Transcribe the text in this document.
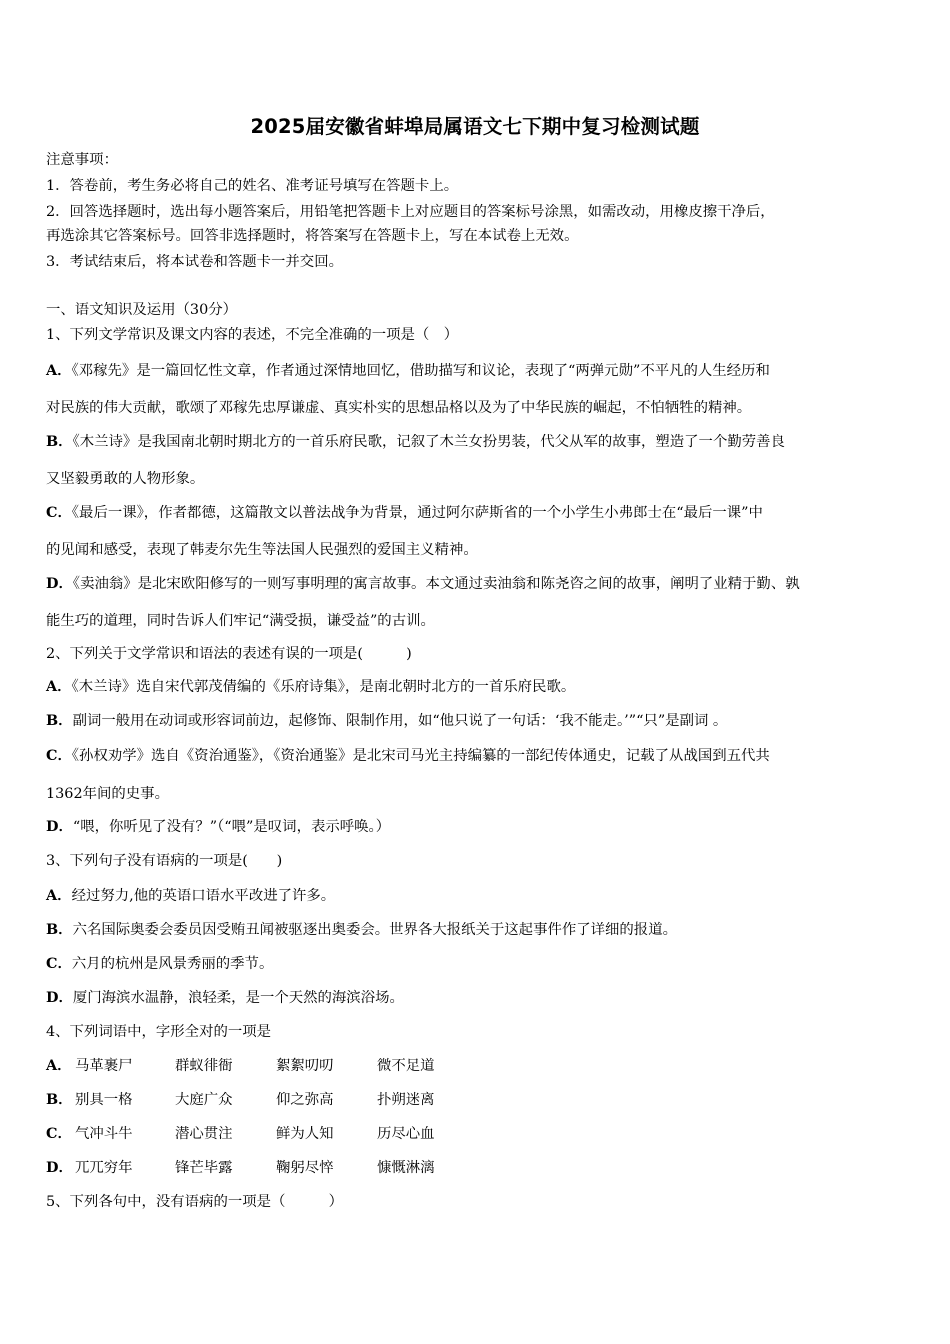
2025届安徽省蚌埠局属语文七下期中复习检测试题
注意事项：
1．答卷前，考生务必将自己的姓名、准考证号填写在答题卡上。
2．回答选择题时，选出每小题答案后，用铅笔把答题卡上对应题目的答案标号涂黑，如需改动，用橡皮擦干净后，
再选涂其它答案标号。回答非选择题时，将答案写在答题卡上，写在本试卷上无效。
3．考试结束后，将本试卷和答题卡一并交回。
一、语文知识及运用（30分）
1、下列文学常识及课文内容的表述，不完全准确的一项是（　）
A．《邓稼先》是一篇回忆性文章，作者通过深情地回忆，借助描写和议论，表现了“两弹元勋”不平凡的人生经历和
对民族的伟大贡献，歌颂了邓稼先忠厚谦虚、真实朴实的思想品格以及为了中华民族的崛起，不怕牺牲的精神。
B．《木兰诗》是我国南北朝时期北方的一首乐府民歌，记叙了木兰女扮男装，代父从军的故事，塑造了一个勤劳善良
又坚毅勇敢的人物形象。
C．《最后一课》，作者都德，这篇散文以普法战争为背景，通过阿尔萨斯省的一个小学生小弗郎士在“最后一课”中
的见闻和感受，表现了韩麦尔先生等法国人民强烈的爱国主义精神。
D．《卖油翁》是北宋欧阳修写的一则写事明理的寓言故事。本文通过卖油翁和陈尧咨之间的故事，阐明了业精于勤、孰
能生巧的道理，同时告诉人们牢记“满受损，谦受益”的古训。
2、下列关于文学常识和语法的表述有误的一项是(　　　)
A．《木兰诗》选自宋代郭茂倩编的《乐府诗集》，是南北朝时北方的一首乐府民歌。
B．副词一般用在动词或形容词前边，起修饰、限制作用，如“他只说了一句话：‘我不能走。’”“只”是副词 。
C．《孙权劝学》选自《资治通鉴》，《资治通鉴》是北宋司马光主持编纂的一部纪传体通史，记载了从战国到五代共
1362年间的史事。
D．“喂，你听见了没有？”（“喂”是叹词，表示呼唤。）
3、下列句子没有语病的一项是(　　)
A．经过努力,他的英语口语水平改进了许多。
B．六名国际奥委会委员因受贿丑闻被驱逐出奥委会。世界各大报纸关于这起事件作了详细的报道。
C．六月的杭州是风景秀丽的季节。
D．厦门海滨水温静，浪轻柔，是一个天然的海滨浴场。
4、下列词语中，字形全对的一项是
A． 马革裹尸	群蚁徘衙	絮絮叨叨	微不足道
B． 别具一格	大庭广众	仰之弥高	扑朔迷离
C． 气冲斗牛	潜心贯注	鲜为人知	历尽心血
D． 兀兀穷年	锋芒毕露	鞠躬尽悴	慷慨淋漓
5、下列各句中，没有语病的一项是（　　　）
